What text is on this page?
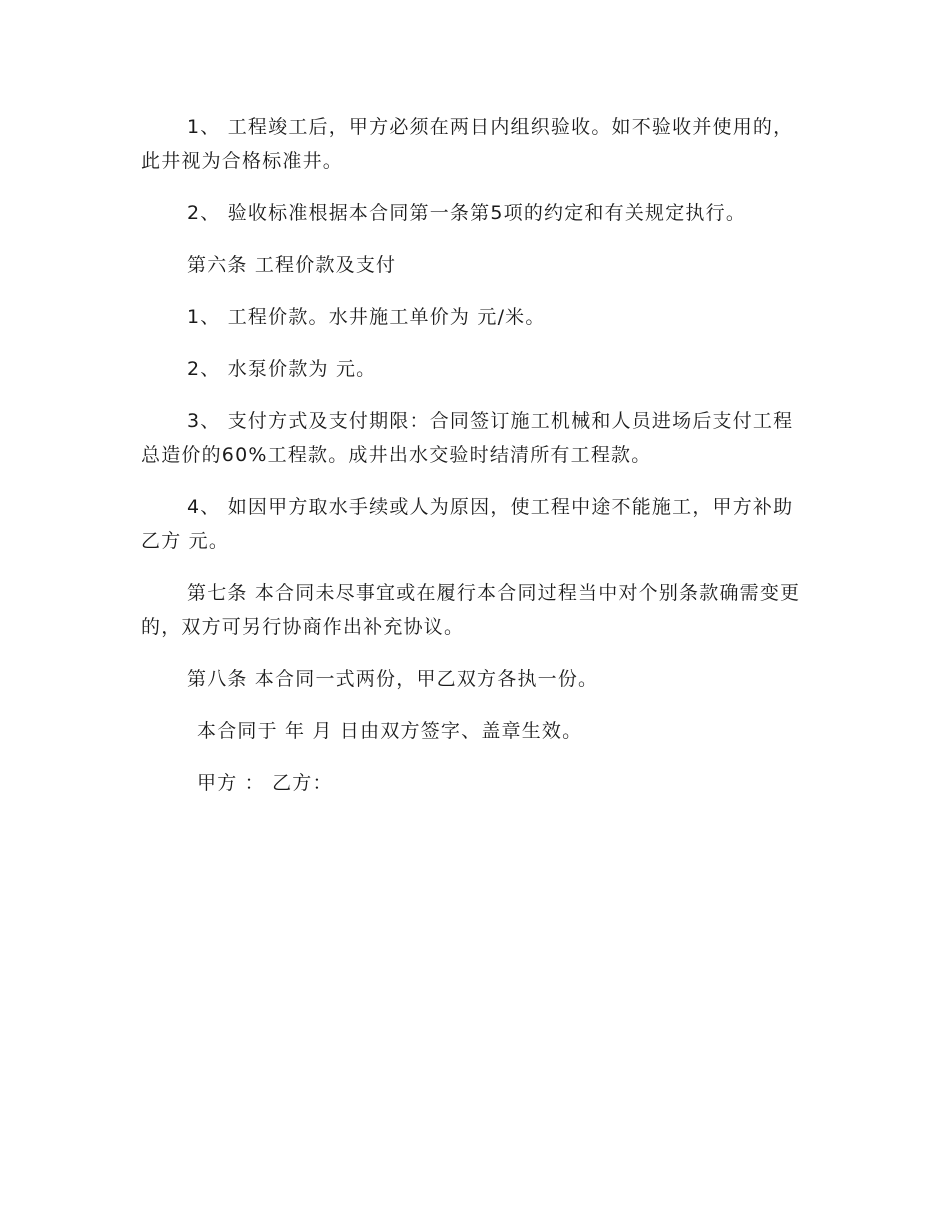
1、 工程竣工后，甲方必须在两日内组织验收。如不验收并使用的，此井视为合格标准井。

2、 验收标准根据本合同第一条第5项的约定和有关规定执行。

第六条 工程价款及支付

1、 工程价款。水井施工单价为 元/米。

2、 水泵价款为 元。

3、 支付方式及支付期限：合同签订施工机械和人员进场后支付工程总造价的60%工程款。成井出水交验时结清所有工程款。

4、 如因甲方取水手续或人为原因，使工程中途不能施工，甲方补助乙方 元。

第七条 本合同未尽事宜或在履行本合同过程当中对个别条款确需变更的，双方可另行协商作出补充协议。

第八条 本合同一式两份，甲乙双方各执一份。

本合同于 年 月 日由双方签字、盖章生效。

甲方 ： 乙方：
